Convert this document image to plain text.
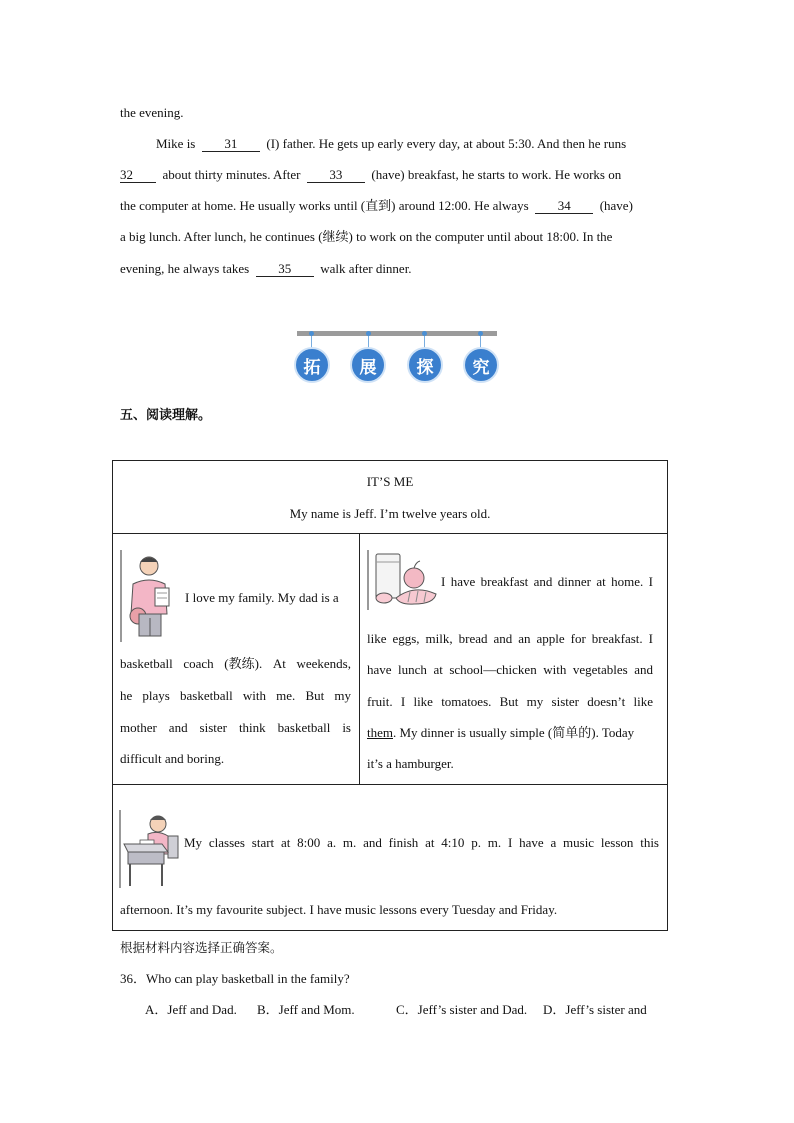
the evening.
Mike is 31 (I) father. He gets up early every day, at about 5:30. And then he runs
32 about thirty minutes. After 33 (have) breakfast, he starts to work. He works on
the computer at home. He usually works until (直到) around 12:00. He always 34 (have)
a big lunch. After lunch, he continues (继续) to work on the computer until about 18:00. In the
evening, he always takes 35 walk after dinner.
拓	展	探	究
五、阅读理解。
IT’S ME
My name is Jeff. I’m twelve years old.
I love my family. My dad is a
basketball coach (教练). At weekends,
he plays basketball with me. But my
mother and sister think basketball is
difficult and boring.
I have breakfast and dinner at home. I
like eggs, milk, bread and an apple for breakfast. I
have lunch at school—chicken with vegetables and
fruit. I like tomatoes. But my sister doesn’t like
them. My dinner is usually simple (简单的). Today
it’s a hamburger.
My classes start at 8:00 a. m. and finish at 4:10 p. m. I have a music lesson this
afternoon. It’s my favourite subject. I have music lessons every Tuesday and Friday.
根据材料内容选择正确答案。
36．Who can play basketball in the family?
A．Jeff and Dad. B．Jeff and Mom.	C．Jeff’s sister and Dad. D．Jeff’s sister and
